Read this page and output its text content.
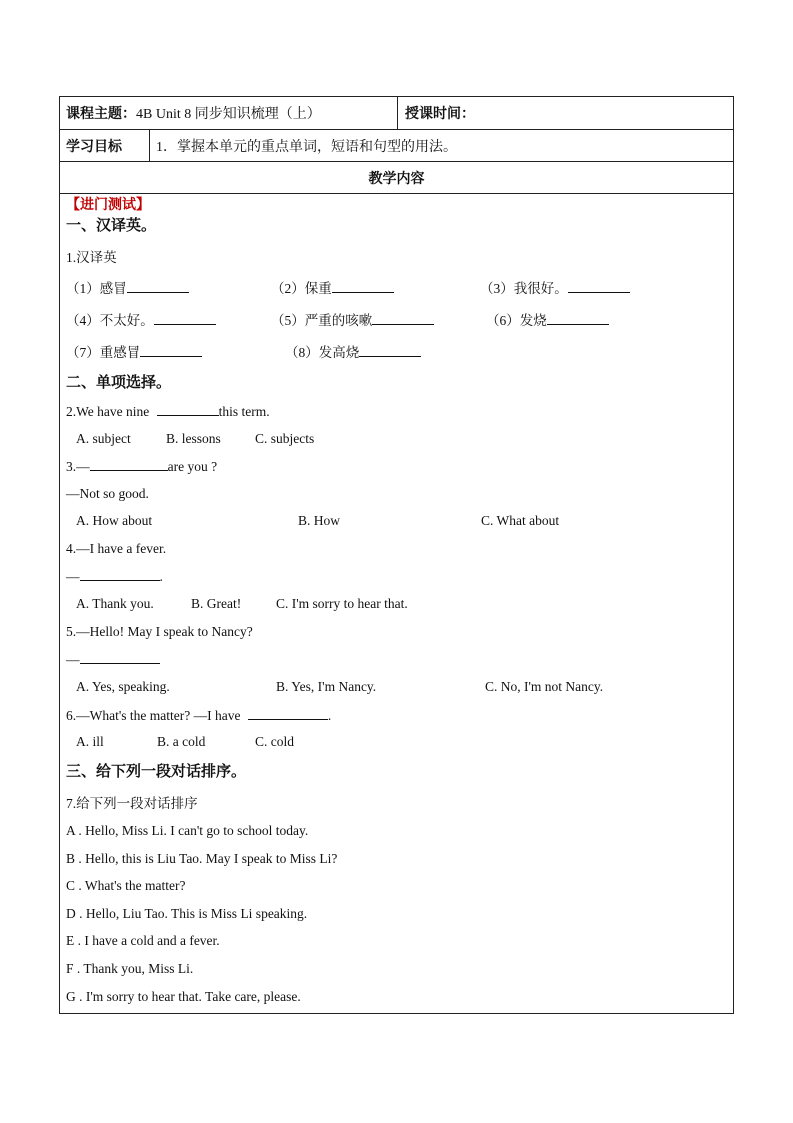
课程主题： 4B Unit 8 同步知识梳理（上）	授课时间：
学习目标 1．掌握本单元的重点单词，短语和句型的用法。
教学内容
【进门测试】
一、汉译英。
1.汉译英
（1）感冒	（2）保重	（3）我很好。
（4）不太好。	（5）严重的咳嗽	（6）发烧
（7）重感冒	（8）发高烧
二、单项选择。
2.We have nine	this term.
A. subject	B. lessons	C. subjects
3.—	are you ?
—Not so good.
A. How about	B. How	C. What about
4.—I have a fever.
—	.
A. Thank you.	B. Great!	C. I'm sorry to hear that.
5.—Hello! May I speak to Nancy?
—
A. Yes, speaking.	B. Yes, I'm Nancy.	C. No, I'm not Nancy.
6.—What's the matter? —I have	.
A. ill	B. a cold	C. cold
三、给下列一段对话排序。
7.给下列一段对话排序
A . Hello, Miss Li. I can't go to school today.
B . Hello, this is Liu Tao. May I speak to Miss Li?
C . What's the matter?
D . Hello, Liu Tao. This is Miss Li speaking.
E . I have a cold and a fever.
F . Thank you, Miss Li.
G . I'm sorry to hear that. Take care, please.
